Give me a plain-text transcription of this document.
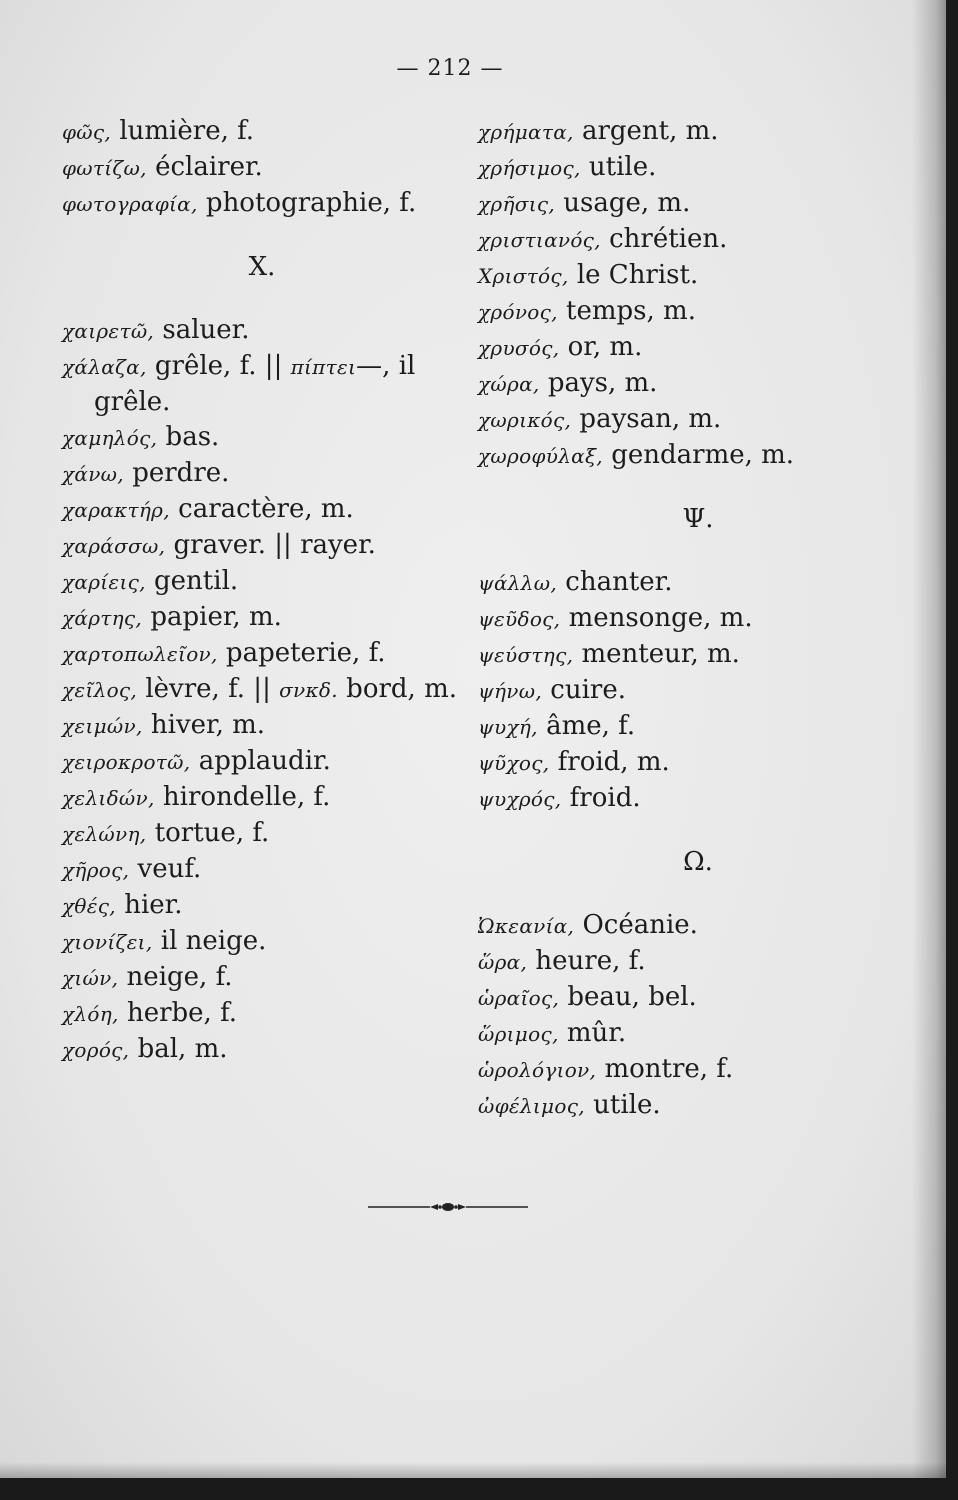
— 212 —
φῶς, lumière, f.
φωτίζω, éclairer.
φωτογραφία, photographie, f.
X.
χαιρετῶ, saluer.
χάλαζα, grêle, f. || πίπτει—, il grêle.
χαμηλός, bas.
χάνω, perdre.
χαρακτήρ, caractère, m.
χαράσσω, graver. || rayer.
χαρίεις, gentil.
χάρτης, papier, m.
χαρτοπωλεῖον, papeterie, f.
χεῖλος, lèvre, f. || σνκδ. bord, m.
χειμών, hiver, m.
χειροκροτῶ, applaudir.
χελιδών, hirondelle, f.
χελώνη, tortue, f.
χῆρος, veuf.
χθές, hier.
χιονίζει, il neige.
χιών, neige, f.
χλόη, herbe, f.
χορός, bal, m.
χρήματα, argent, m.
χρήσιμος, utile.
χρῆσις, usage, m.
χριστιανός, chrétien.
Χριστός, le Christ.
χρόνος, temps, m.
χρυσός, or, m.
χώρα, pays, m.
χωρικός, paysan, m.
χωροφύλαξ, gendarme, m.
Ψ.
ψάλλω, chanter.
ψεῦδος, mensonge, m.
ψεύστης, menteur, m.
ψήνω, cuire.
ψυχή, âme, f.
ψῦχος, froid, m.
ψυχρός, froid.
Ω.
Ὠκεανία, Océanie.
ὥρα, heure, f.
ὡραῖος, beau, bel.
ὥριμος, mûr.
ὡρολόγιον, montre, f.
ὠφέλιμος, utile.
